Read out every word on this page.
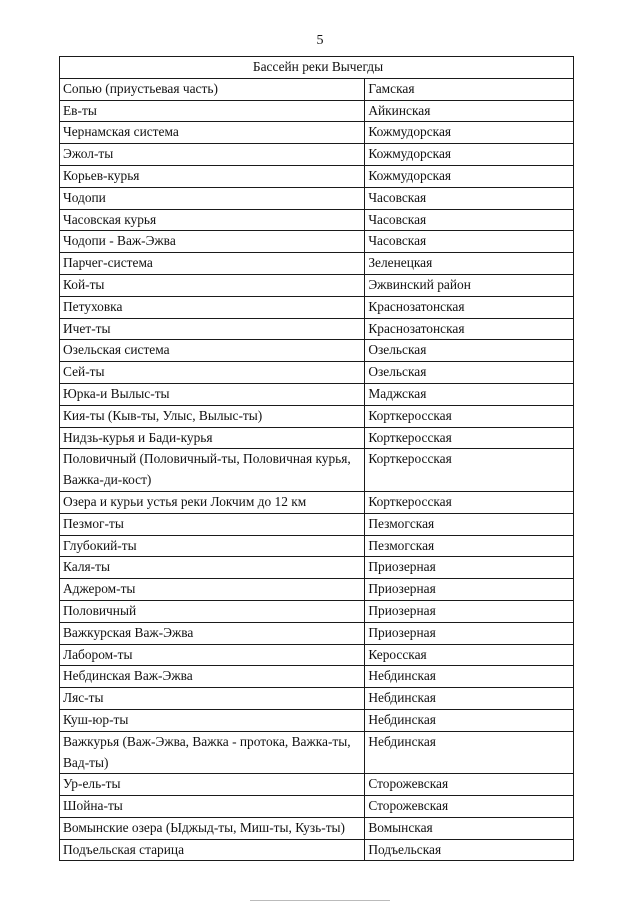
5
Бассейн реки Вычегды	
Сопью (приустьевая часть)	Гамская
Ев-ты	Айкинская
Чернамская система	Кожмудорская
Эжол-ты	Кожмудорская
Корьев-курья	Кожмудорская
Чодопи	Часовская
Часовская курья	Часовская
Чодопи - Важ-Эжва	Часовская
Парчег-система	Зеленецкая
Кой-ты	Эжвинский район
Петуховка	Краснозатонская
Ичет-ты	Краснозатонская
Озельская система	Озельская
Сей-ты	Озельская
Юрка-и Вылыс-ты	Маджская
Кия-ты (Кыв-ты, Улыс, Вылыс-ты)	Корткеросская
Нидзь-курья и Бади-курья	Корткеросская
Половичный (Половичный-ты, Половичная курья, Важка-ди-кост)	Корткеросская
Озера и курьи устья реки Локчим до 12 км	Корткеросская
Пезмог-ты	Пезмогская
Глубокий-ты	Пезмогская
Каля-ты	Приозерная
Аджером-ты	Приозерная
Половичный	Приозерная
Важкурская Важ-Эжва	Приозерная
Лабором-ты	Керосская
Небдинская Важ-Эжва	Небдинская
Ляс-ты	Небдинская
Куш-юр-ты	Небдинская
Важкурья (Важ-Эжва, Важка - протока, Важка-ты, Вад-ты)	Небдинская
Ур-ель-ты	Сторожевская
Шойна-ты	Сторожевская
Вомынские озера (Ыджыд-ты, Миш-ты, Кузь-ты)	Вомынская
Подъельская старица	Подъельская
